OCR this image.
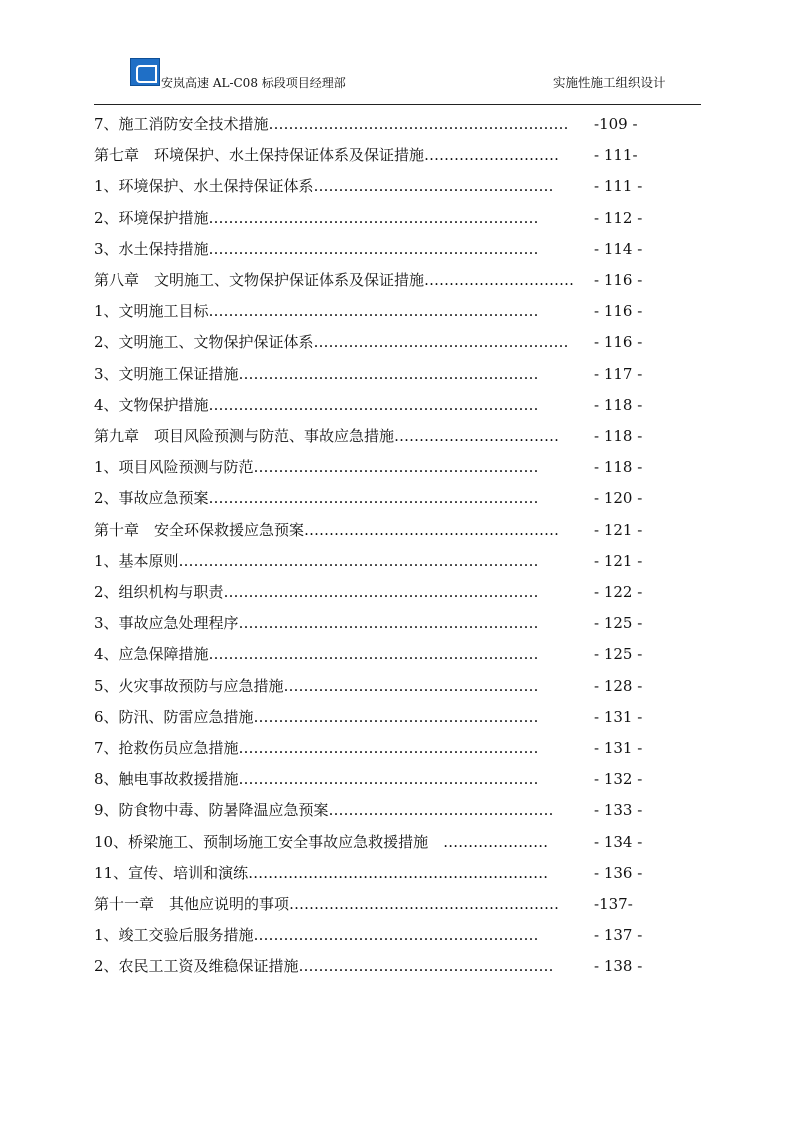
安岚高速 AL-C08 标段项目经理部	实施性施工组织设计
7、施工消防安全技术措施…………………………………………………… -109 -
第七章　环境保护、水土保持保证体系及保证措施……………………… - 111-
1、环境保护、水土保持保证体系…………………………………………	- 111 -
2、环境保护措施…………………………………………………………	- 112 -
3、水土保持措施…………………………………………………………	- 114 -
第八章　文明施工、文物保护保证体系及保证措施………………………… - 116 -
1、文明施工目标…………………………………………………………	- 116 -
2、文明施工、文物保护保证体系…………………………………………… - 116 -
3、文明施工保证措施……………………………………………………	- 117 -
4、文物保护措施…………………………………………………………	- 118 -
第九章　项目风险预测与防范、事故应急措施…………………………… - 118 -
1、项目风险预测与防范…………………………………………………	- 118 -
2、事故应急预案…………………………………………………………	- 120 -
第十章　安全环保救援应急预案…………………………………………… - 121 -
1、基本原则………………………………………………………………	- 121 -
2、组织机构与职责………………………………………………………	- 122 -
3、事故应急处理程序……………………………………………………	- 125 -
4、应急保障措施…………………………………………………………	- 125 -
5、火灾事故预防与应急措施……………………………………………	- 128 -
6、防汛、防雷应急措施…………………………………………………	- 131 -
7、抢救伤员应急措施……………………………………………………	- 131 -
8、触电事故救援措施……………………………………………………	- 132 -
9、防食物中毒、防暑降温应急预案………………………………………	- 133 -
10、桥梁施工、预制场施工安全事故应急救援措施　…………………	- 134 -
11、宣传、培训和演练……………………………………………………	- 136 -
第十一章　其他应说明的事项……………………………………………… -137-
1、竣工交验后服务措施…………………………………………………	- 137 -
2、农民工工资及维稳保证措施……………………………………………	- 138 -
